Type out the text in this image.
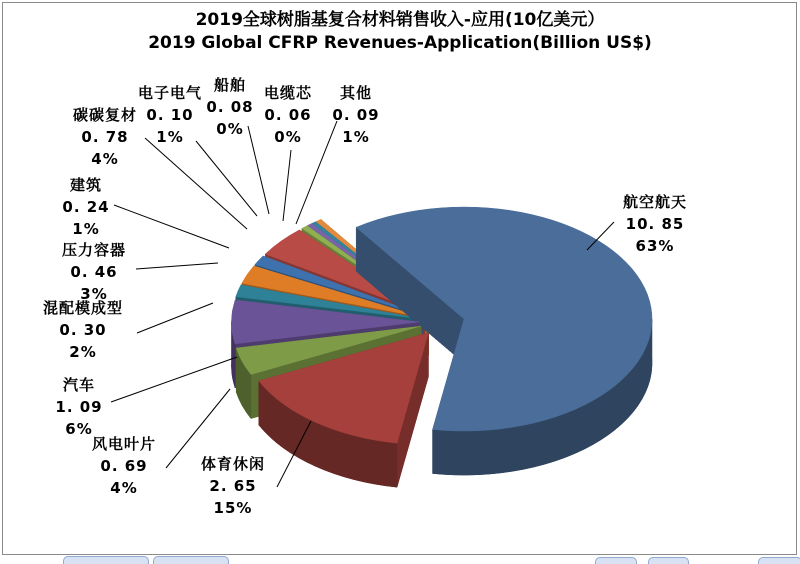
2019全球树脂基复合材料销售收入-应用(10亿美元）
2019 Global CFRP Revenues-Application(Billion US$)
航空航天
10. 85
63%
体育休闲
2. 65
15%
风电叶片
0. 69
4%
汽车
1. 09
6%
混配模成型
0. 30
2%
压力容器
0. 46
3%
建筑
0. 24
1%
碳碳复材
0. 78
4%
电子电气
0. 10
1%
船舶
0. 08
0%
电缆芯
0. 06
0%
其他
0. 09
1%
